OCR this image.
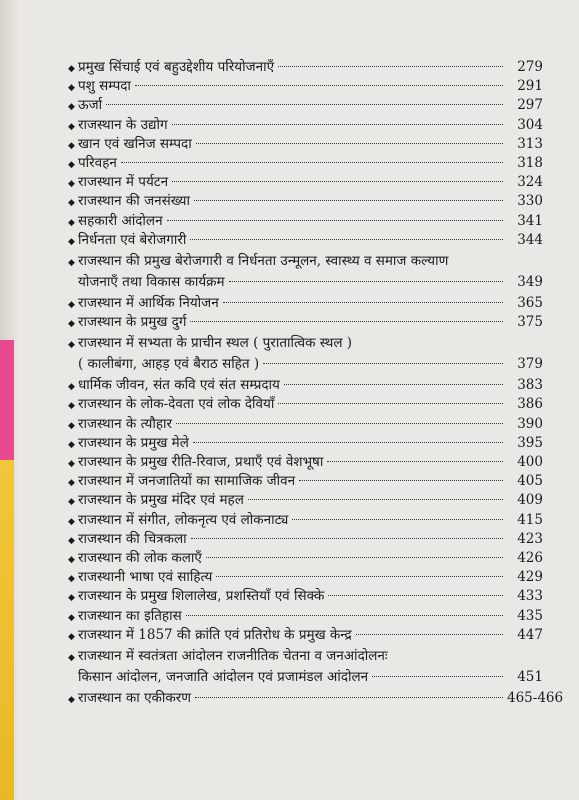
◆ प्रमुख सिंचाई एवं बहुउद्देशीय परियोजनाएँ	279
◆ पशु सम्पदा	291
◆ ऊर्जा	297
◆ राजस्थान के उद्योग	304
◆ खान एवं खनिज सम्पदा	313
◆ परिवहन	318
◆ राजस्थान में पर्यटन	324
◆ राजस्थान की जनसंख्या	330
◆ सहकारी आंदोलन	341
◆ निर्धनता एवं बेरोजगारी	344
◆ राजस्थान की प्रमुख बेरोजगारी व निर्धनता उन्मूलन, स्वास्थ्य व समाज कल्याण
योजनाएँ तथा विकास कार्यक्रम	349
◆ राजस्थान में आर्थिक नियोजन	365
◆ राजस्थान के प्रमुख दुर्ग	375
◆ राजस्थान में सभ्यता के प्राचीन स्थल ( पुरातात्विक स्थल )
( कालीबंगा, आहड़ एवं बैराठ सहित )	379
◆ धार्मिक जीवन, संत कवि एवं संत सम्प्रदाय	383
◆ राजस्थान के लोक-देवता एवं लोक देवियाँ	386
◆ राजस्थान के त्यौहार	390
◆ राजस्थान के प्रमुख मेले	395
◆ राजस्थान के प्रमुख रीति-रिवाज, प्रथाएँ एवं वेशभूषा	400
◆ राजस्थान में जनजातियों का सामाजिक जीवन	405
◆ राजस्थान के प्रमुख मंदिर एवं महल	409
◆ राजस्थान में संगीत, लोकनृत्य एवं लोकनाट्य	415
◆ राजस्थान की चित्रकला	423
◆ राजस्थान की लोक कलाएँ	426
◆ राजस्थानी भाषा एवं साहित्य	429
◆ राजस्थान के प्रमुख शिलालेख, प्रशस्तियाँ एवं सिक्के	433
◆ राजस्थान का इतिहास	435
◆ राजस्थान में 1857 की क्रांति एवं प्रतिरोध के प्रमुख केन्द्र	447
◆ राजस्थान में स्वतंत्रता आंदोलन राजनीतिक चेतना व जनआंदोलनः
किसान आंदोलन, जनजाति आंदोलन एवं प्रजामंडल आंदोलन	451
◆ राजस्थान का एकीकरण	465-466
